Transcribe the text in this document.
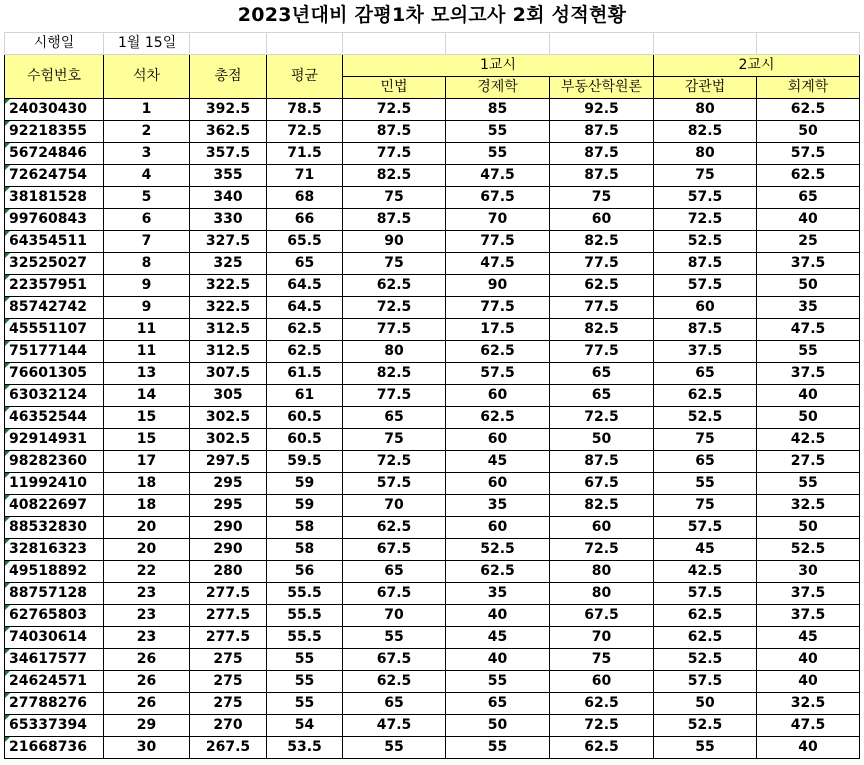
2023년대비 감평1차 모의고사 2회 성적현황
시행일	1월 15일							
수험번호	석차	총점	평균	1교시			2교시	
				민법	경제학	부동산학원론	감관법	회계학
24030430	1	392.5	78.5	72.5	85	92.5	80	62.5
92218355	2	362.5	72.5	87.5	55	87.5	82.5	50
56724846	3	357.5	71.5	77.5	55	87.5	80	57.5
72624754	4	355	71	82.5	47.5	87.5	75	62.5
38181528	5	340	68	75	67.5	75	57.5	65
99760843	6	330	66	87.5	70	60	72.5	40
64354511	7	327.5	65.5	90	77.5	82.5	52.5	25
32525027	8	325	65	75	47.5	77.5	87.5	37.5
22357951	9	322.5	64.5	62.5	90	62.5	57.5	50
85742742	9	322.5	64.5	72.5	77.5	77.5	60	35
45551107	11	312.5	62.5	77.5	17.5	82.5	87.5	47.5
75177144	11	312.5	62.5	80	62.5	77.5	37.5	55
76601305	13	307.5	61.5	82.5	57.5	65	65	37.5
63032124	14	305	61	77.5	60	65	62.5	40
46352544	15	302.5	60.5	65	62.5	72.5	52.5	50
92914931	15	302.5	60.5	75	60	50	75	42.5
98282360	17	297.5	59.5	72.5	45	87.5	65	27.5
11992410	18	295	59	57.5	60	67.5	55	55
40822697	18	295	59	70	35	82.5	75	32.5
88532830	20	290	58	62.5	60	60	57.5	50
32816323	20	290	58	67.5	52.5	72.5	45	52.5
49518892	22	280	56	65	62.5	80	42.5	30
88757128	23	277.5	55.5	67.5	35	80	57.5	37.5
62765803	23	277.5	55.5	70	40	67.5	62.5	37.5
74030614	23	277.5	55.5	55	45	70	62.5	45
34617577	26	275	55	67.5	40	75	52.5	40
24624571	26	275	55	62.5	55	60	57.5	40
27788276	26	275	55	65	65	62.5	50	32.5
65337394	29	270	54	47.5	50	72.5	52.5	47.5
21668736	30	267.5	53.5	55	55	62.5	55	40
